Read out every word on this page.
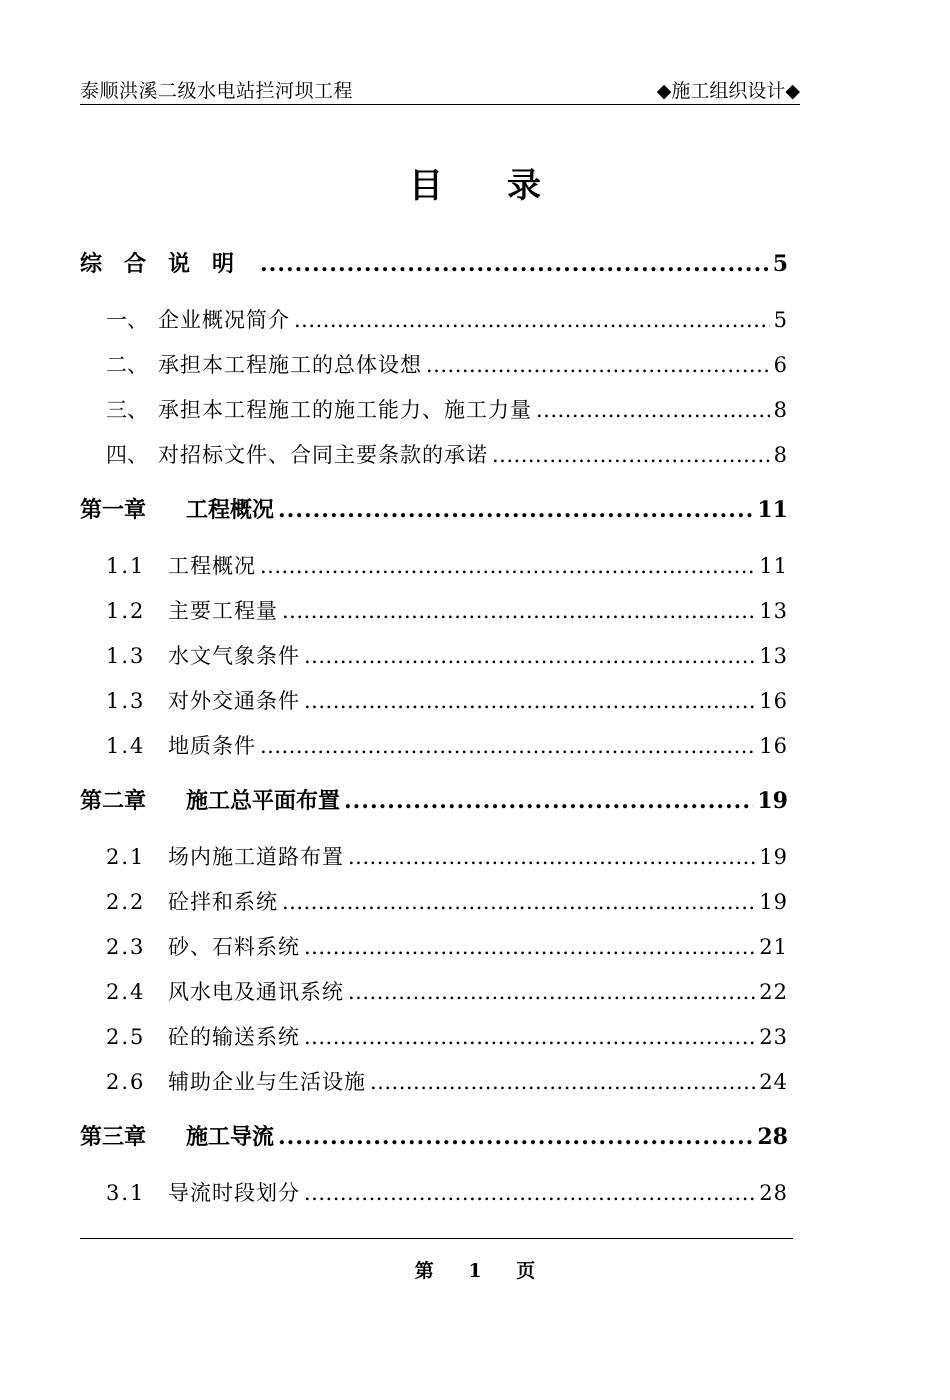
泰顺洪溪二级水电站拦河坝工程	◆施工组织设计◆
目录
综合说明 .....	5
一、 企业概况简介 .....	5
二、 承担本工程施工的总体设想 .....	6
三、 承担本工程施工的施工能力、施工力量 .....	8
四、 对招标文件、合同主要条款的承诺 .....	8
第一章	工程概况 .....	11
1.1	工程概况 .....	11
1.2	主要工程量 .....	13
1.3	水文气象条件 .....	13
1.3	对外交通条件 .....	16
1.4	地质条件 .....	16
第二章	施工总平面布置 .....	19
2.1	场内施工道路布置 .....	19
2.2	砼拌和系统 .....	19
2.3	砂、石料系统 .....	21
2.4	风水电及通讯系统 .....	22
2.5	砼的输送系统 .....	23
2.6	辅助企业与生活设施 .....	24
第三章	施工导流 .....	28
3.1	导流时段划分 .....	28
第 1 页
